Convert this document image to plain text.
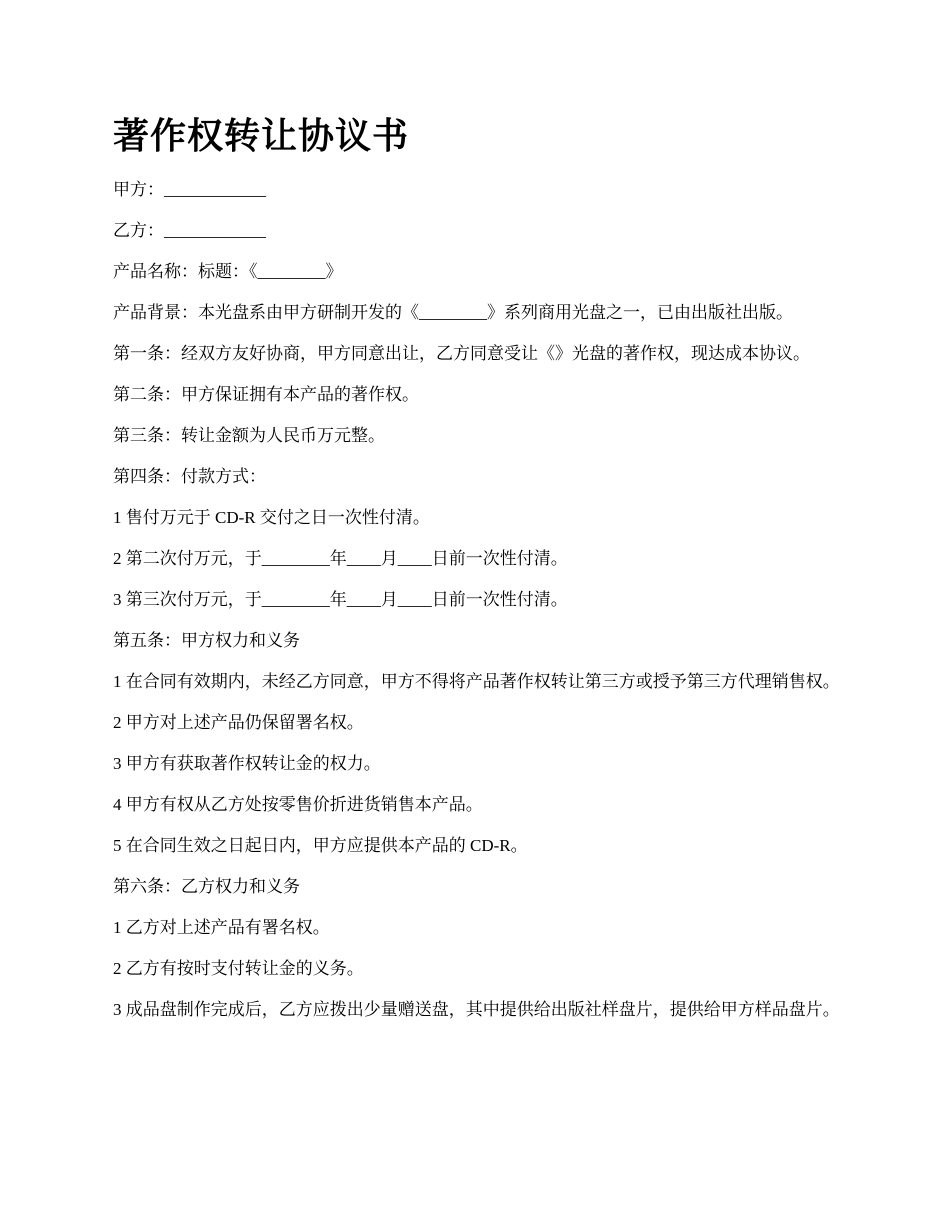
著作权转让协议书

甲方：____________

乙方：____________

产品名称：标题：《________》

产品背景：本光盘系由甲方研制开发的《________》系列商用光盘之一，已由出版社出版。

第一条：经双方友好协商，甲方同意出让，乙方同意受让《》光盘的著作权，现达成本协议。

第二条：甲方保证拥有本产品的著作权。

第三条：转让金额为人民币万元整。

第四条：付款方式：

1 售付万元于 CD-R 交付之日一次性付清。

2 第二次付万元，于________年____月____日前一次性付清。

3 第三次付万元，于________年____月____日前一次性付清。

第五条：甲方权力和义务

1 在合同有效期内，未经乙方同意，甲方不得将产品著作权转让第三方或授予第三方代理销售权。

2 甲方对上述产品仍保留署名权。

3 甲方有获取著作权转让金的权力。

4 甲方有权从乙方处按零售价折进货销售本产品。

5 在合同生效之日起日内，甲方应提供本产品的 CD-R。

第六条：乙方权力和义务

1 乙方对上述产品有署名权。

2 乙方有按时支付转让金的义务。

3 成品盘制作完成后，乙方应拨出少量赠送盘，其中提供给出版社样盘片，提供给甲方样品盘片。
